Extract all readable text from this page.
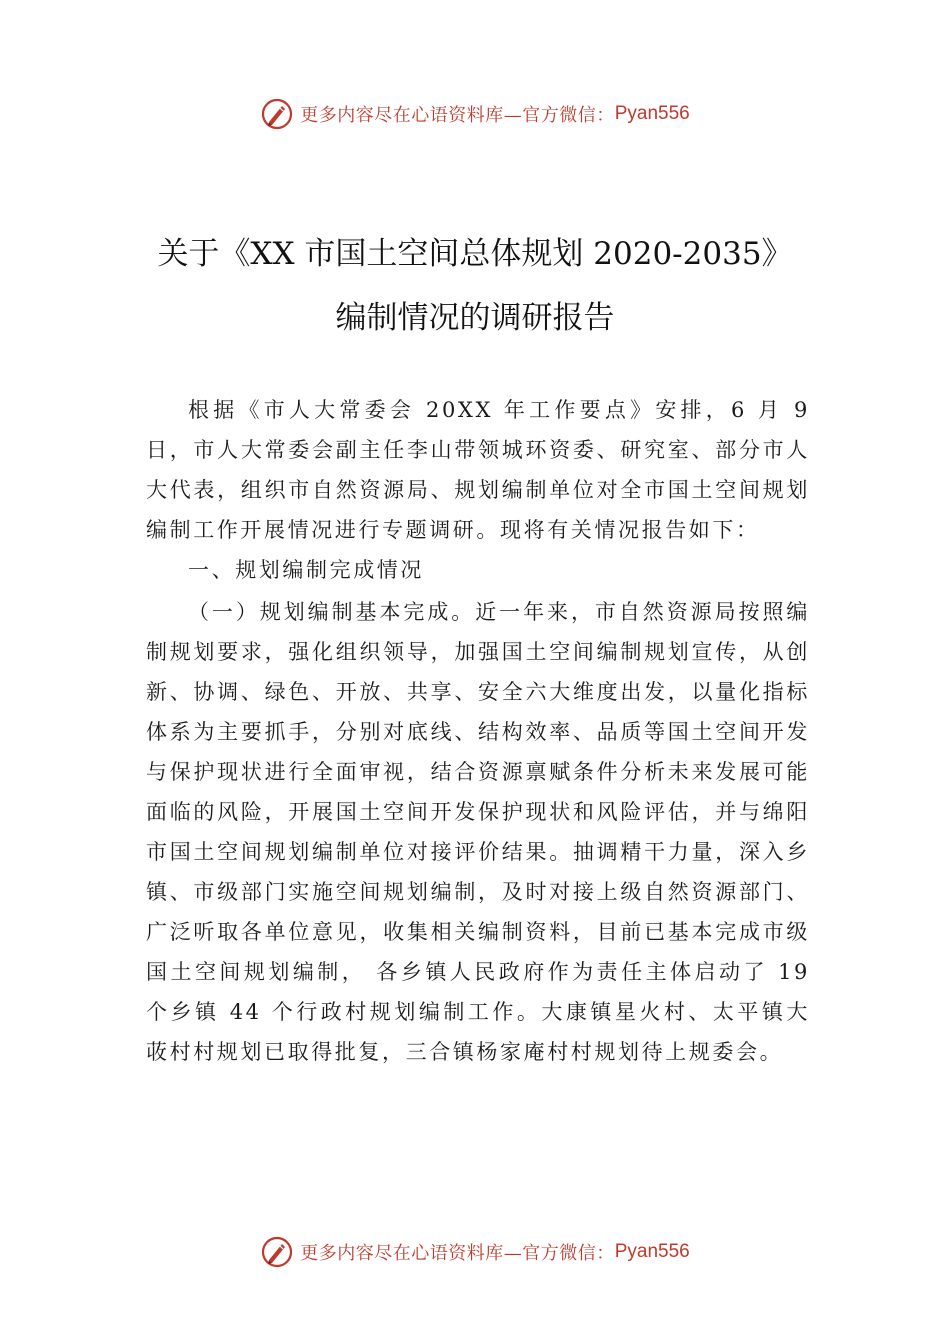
更多内容尽在心语资料库—官方微信： Pyan556
关于《XX 市国土空间总体规划 2020-2035》编制情况的调研报告

根据《市人大常委会 20XX 年工作要点》安排，6 月 9 日，市人大常委会副主任李山带领城环资委、研究室、部分市人大代表，组织市自然资源局、规划编制单位对全市国土空间规划编制工作开展情况进行专题调研。现将有关情况报告如下：

一、规划编制完成情况

（一）规划编制基本完成。近一年来，市自然资源局按照编制规划要求，强化组织领导，加强国土空间编制规划宣传，从创新、协调、绿色、开放、共享、安全六大维度出发，以量化指标体系为主要抓手，分别对底线、结构效率、品质等国土空间开发与保护现状进行全面审视，结合资源禀赋条件分析未来发展可能面临的风险，开展国土空间开发保护现状和风险评估，并与绵阳市国土空间规划编制单位对接评价结果。抽调精干力量，深入乡镇、市级部门实施空间规划编制，及时对接上级自然资源部门、广泛听取各单位意见，收集相关编制资料，目前已基本完成市级国土空间规划编制， 各乡镇人民政府作为责任主体启动了 19 个乡镇 44 个行政村规划编制工作。大康镇星火村、太平镇大荍村村规划已取得批复，三合镇杨家庵村村规划待上规委会。

更多内容尽在心语资料库—官方微信： Pyan556
